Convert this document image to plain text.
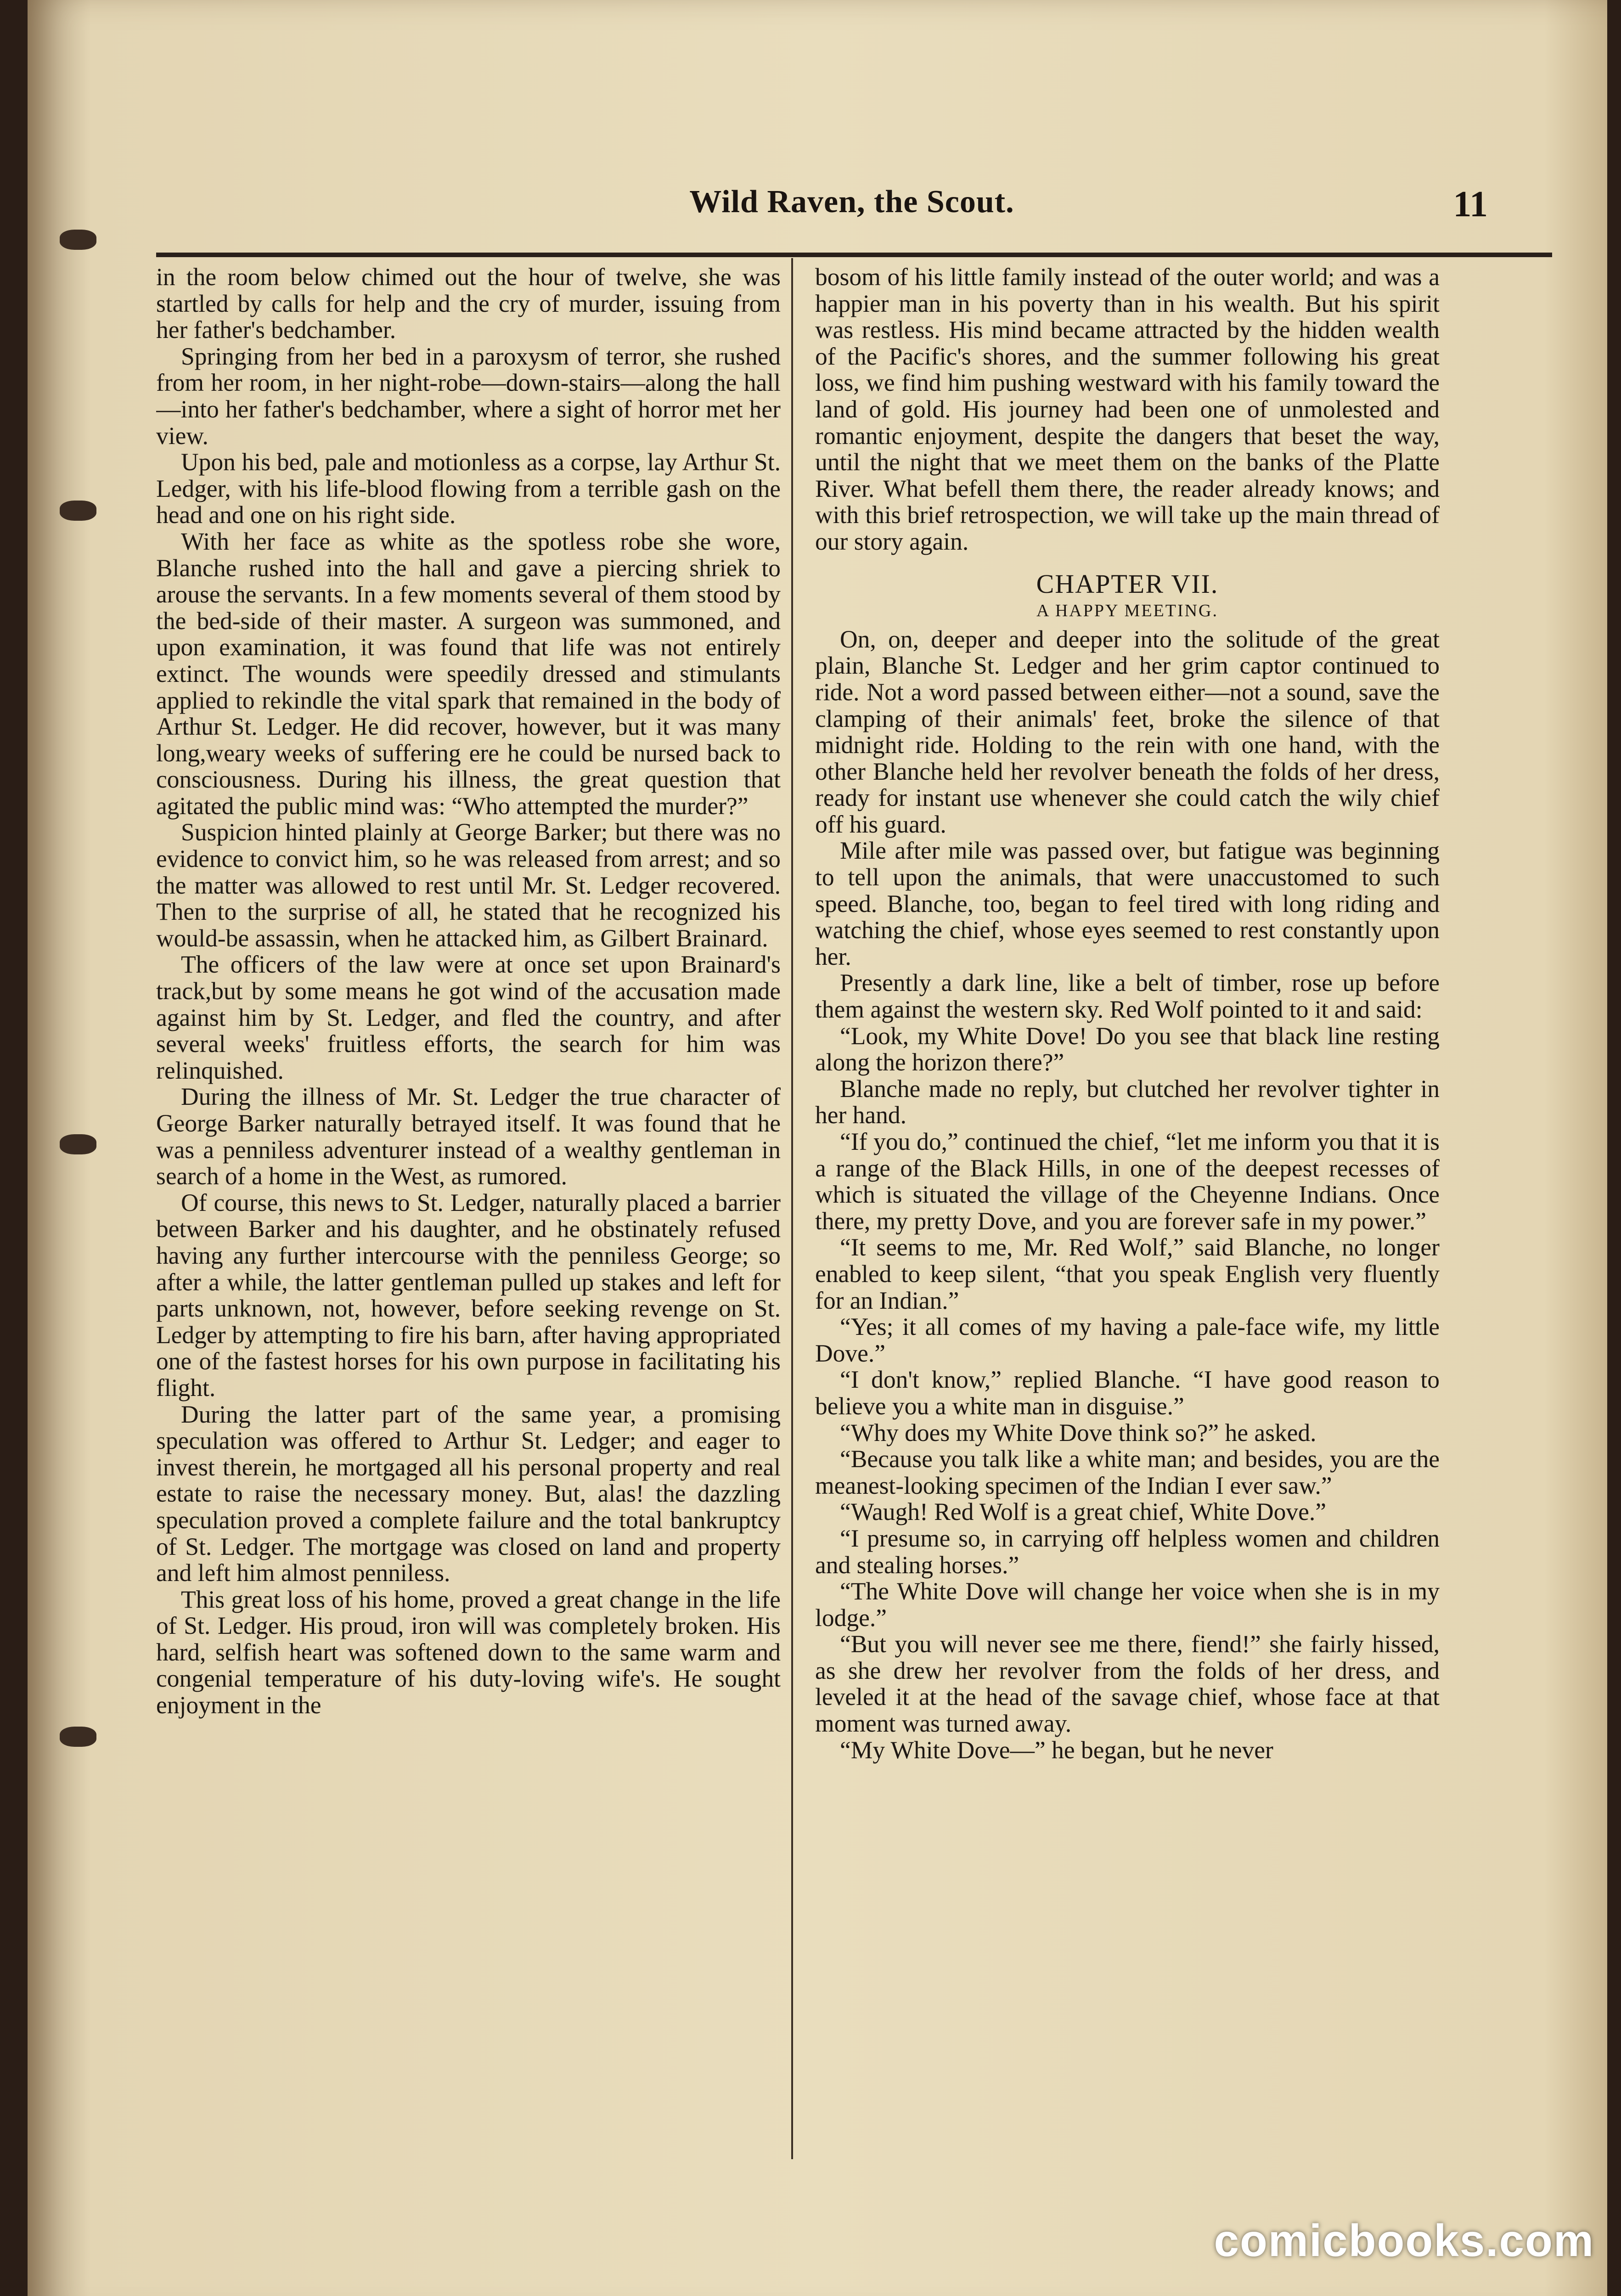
Wild Raven, the Scout.	11

in the room below chimed out the hour of twelve, she was startled by calls for help and the cry of murder, issuing from her father's bedchamber.

Springing from her bed in a paroxysm of terror, she rushed from her room, in her night-robe—down-stairs—along the hall—into her father's bedchamber, where a sight of horror met her view.

Upon his bed, pale and motionless as a corpse, lay Arthur St. Ledger, with his life-blood flowing from a terrible gash on the head and one on his right side.

With her face as white as the spotless robe she wore, Blanche rushed into the hall and gave a piercing shriek to arouse the servants. In a few moments several of them stood by the bed-side of their master. A surgeon was summoned, and upon examination, it was found that life was not entirely extinct. The wounds were speedily dressed and stimulants applied to rekindle the vital spark that remained in the body of Arthur St. Ledger. He did recover, however, but it was many long,weary weeks of suffering ere he could be nursed back to consciousness. During his illness, the great question that agitated the public mind was: “Who attempted the murder?”

Suspicion hinted plainly at George Barker; but there was no evidence to convict him, so he was released from arrest; and so the matter was allowed to rest until Mr. St. Ledger recovered. Then to the surprise of all, he stated that he recognized his would-be assassin, when he attacked him, as Gilbert Brainard.

The officers of the law were at once set upon Brainard's track,but by some means he got wind of the accusation made against him by St. Ledger, and fled the country, and after several weeks' fruitless efforts, the search for him was relinquished.

During the illness of Mr. St. Ledger the true character of George Barker naturally betrayed itself. It was found that he was a penniless adventurer instead of a wealthy gentleman in search of a home in the West, as rumored.

Of course, this news to St. Ledger, naturally placed a barrier between Barker and his daughter, and he obstinately refused having any further intercourse with the penniless George; so after a while, the latter gentleman pulled up stakes and left for parts unknown, not, however, before seeking revenge on St. Ledger by attempting to fire his barn, after having appropriated one of the fastest horses for his own purpose in facilitating his flight.

During the latter part of the same year, a promising speculation was offered to Arthur St. Ledger; and eager to invest therein, he mortgaged all his personal property and real estate to raise the necessary money. But, alas! the dazzling speculation proved a complete failure and the total bankruptcy of St. Ledger. The mortgage was closed on land and property and left him almost penniless.

This great loss of his home, proved a great change in the life of St. Ledger. His proud, iron will was completely broken. His hard, selfish heart was softened down to the same warm and congenial temperature of his duty-loving wife's. He sought enjoyment in the

bosom of his little family instead of the outer world; and was a happier man in his poverty than in his wealth. But his spirit was restless. His mind became attracted by the hidden wealth of the Pacific's shores, and the summer following his great loss, we find him pushing westward with his family toward the land of gold. His journey had been one of unmolested and romantic enjoyment, despite the dangers that beset the way, until the night that we meet them on the banks of the Platte River. What befell them there, the reader already knows; and with this brief retrospection, we will take up the main thread of our story again.

CHAPTER VII.
A HAPPY MEETING.

On, on, deeper and deeper into the solitude of the great plain, Blanche St. Ledger and her grim captor continued to ride. Not a word passed between either—not a sound, save the clamping of their animals' feet, broke the silence of that midnight ride. Holding to the rein with one hand, with the other Blanche held her revolver beneath the folds of her dress, ready for instant use whenever she could catch the wily chief off his guard.

Mile after mile was passed over, but fatigue was beginning to tell upon the animals, that were unaccustomed to such speed. Blanche, too, began to feel tired with long riding and watching the chief, whose eyes seemed to rest constantly upon her.

Presently a dark line, like a belt of timber, rose up before them against the western sky. Red Wolf pointed to it and said:

“Look, my White Dove! Do you see that black line resting along the horizon there?”

Blanche made no reply, but clutched her revolver tighter in her hand.

“If you do,” continued the chief, “let me inform you that it is a range of the Black Hills, in one of the deepest recesses of which is situated the village of the Cheyenne Indians. Once there, my pretty Dove, and you are forever safe in my power.”

“It seems to me, Mr. Red Wolf,” said Blanche, no longer enabled to keep silent, “that you speak English very fluently for an Indian.”

“Yes; it all comes of my having a pale-face wife, my little Dove.”

“I don't know,” replied Blanche. “I have good reason to believe you a white man in disguise.”

“Why does my White Dove think so?” he asked.

“Because you talk like a white man; and besides, you are the meanest-looking specimen of the Indian I ever saw.”

“Waugh! Red Wolf is a great chief, White Dove.”

“I presume so, in carrying off helpless women and children and stealing horses.”

“The White Dove will change her voice when she is in my lodge.”

“But you will never see me there, fiend!” she fairly hissed, as she drew her revolver from the folds of her dress, and leveled it at the head of the savage chief, whose face at that moment was turned away.

“My White Dove—” he began, but he never

comicbooks.com
